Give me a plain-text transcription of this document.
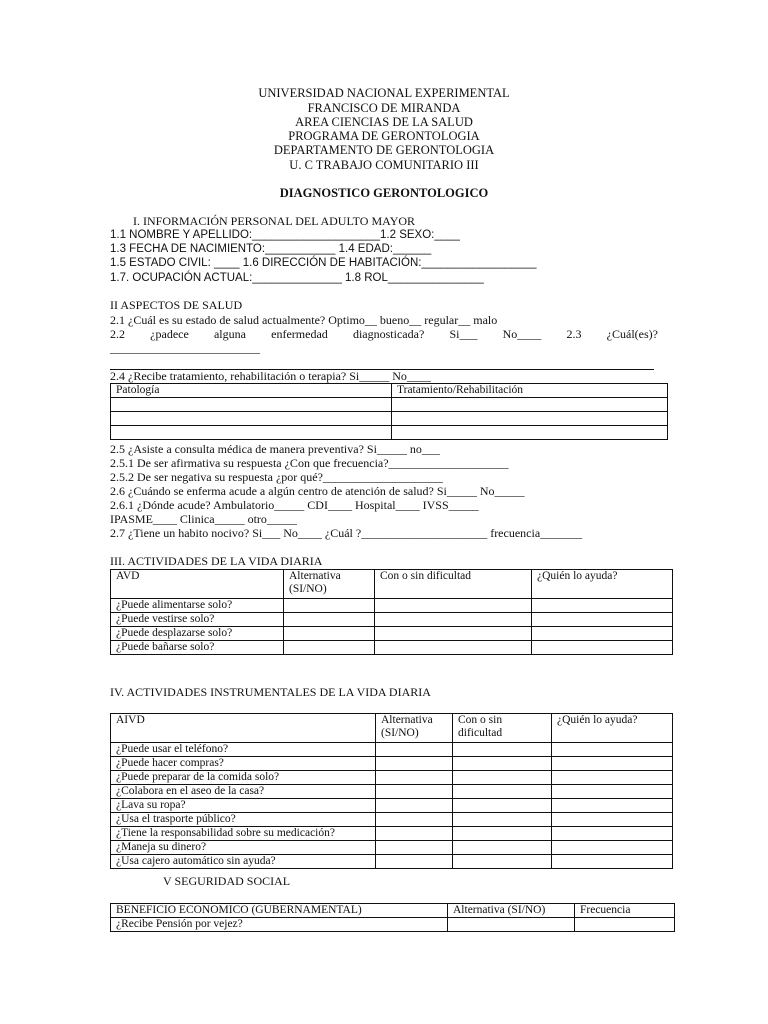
UNIVERSIDAD NACIONAL EXPERIMENTAL
FRANCISCO DE MIRANDA
AREA CIENCIAS DE LA SALUD
PROGRAMA DE GERONTOLOGIA
DEPARTAMENTO DE GERONTOLOGIA
U. C TRABAJO COMUNITARIO III
DIAGNOSTICO GERONTOLOGICO
I. INFORMACIÓN PERSONAL DEL ADULTO MAYOR
1.1 NOMBRE Y APELLIDO:____________________1.2 SEXO:____
1.3 FECHA DE NACIMIENTO:___________ 1.4 EDAD:______
1.5 ESTADO CIVIL: ____ 1.6 DIRECCIÓN DE HABITACIÓN:__________________
1.7. OCUPACIÓN ACTUAL:______________ 1.8 ROL_______________
II ASPECTOS DE SALUD
2.1 ¿Cuál es su estado de salud actualmente? Optimo__ bueno__ regular__ malo
2.2 ¿padece alguna enfermedad diagnosticada? Si___ No____ 2.3 ¿Cuál(es)?
_________________________
2.4 ¿Recibe tratamiento, rehabilitación o terapia? Si_____ No____
Patología	Tratamiento/Rehabilitación

2.5 ¿Asiste a consulta médica de manera preventiva? Si_____ no___
2.5.1 De ser afirmativa su respuesta ¿Con que frecuencia?____________________
2.5.2 De ser negativa su respuesta ¿por qué?____________________
2.6 ¿Cuándo se enferma acude a algún centro de atención de salud? Si_____ No_____
2.6.1 ¿Dónde acude? Ambulatorio_____ CDI____ Hospital____ IVSS_____
IPASME____ Clinica_____ otro_____
2.7 ¿Tiene un habito nocivo? Si___ No____ ¿Cuál ?_____________________ frecuencia_______
III. ACTIVIDADES DE LA VIDA DIARIA
AVD	Alternativa (SI/NO)	Con o sin dificultad	¿Quién lo ayuda?
¿Puede alimentarse solo?			
¿Puede vestirse solo?			
¿Puede desplazarse solo?			
¿Puede bañarse solo?			
IV. ACTIVIDADES INSTRUMENTALES DE LA VIDA DIARIA
AIVD	Alternativa (SI/NO)	Con o sin dificultad	¿Quién lo ayuda?
¿Puede usar el teléfono?			
¿Puede hacer compras?			
¿Puede preparar de la comida solo?			
¿Colabora en el aseo de la casa?			
¿Lava su ropa?			
¿Usa el trasporte público?			
¿Tiene la responsabilidad sobre su medicación?			
¿Maneja su dinero?			
¿Usa cajero automático sin ayuda?			
V SEGURIDAD SOCIAL
BENEFICIO ECONOMICO (GUBERNAMENTAL)	Alternativa (SI/NO)	Frecuencia
¿Recibe Pensión por vejez?		
